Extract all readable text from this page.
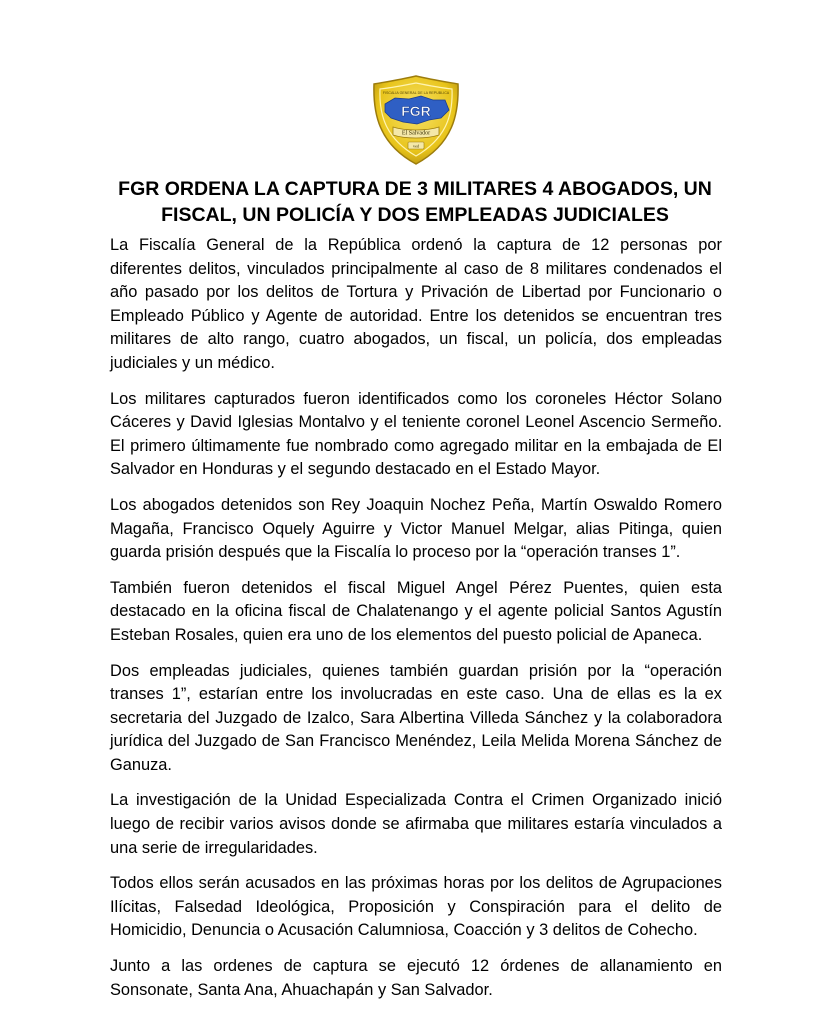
FISCALIA GENERAL DE LA REPUBLICA
FGR
El Salvador
ved
FGR ORDENA LA CAPTURA DE 3 MILITARES 4 ABOGADOS, UN FISCAL, UN POLICÍA Y DOS EMPLEADAS JUDICIALES

La Fiscalía General de la República ordenó la captura de 12 personas por diferentes delitos, vinculados principalmente al caso de 8 militares condenados el año pasado por los delitos de Tortura y Privación de Libertad por Funcionario o Empleado Público y Agente de autoridad. Entre los detenidos se encuentran tres militares de alto rango, cuatro abogados, un fiscal, un policía, dos empleadas judiciales y un médico.

Los militares capturados fueron identificados como los coroneles Héctor Solano Cáceres y David Iglesias Montalvo y el teniente coronel Leonel Ascencio Sermeño. El primero últimamente fue nombrado como agregado militar en la embajada de El Salvador en Honduras y el segundo destacado en el Estado Mayor.

Los abogados detenidos son Rey Joaquin Nochez Peña, Martín Oswaldo Romero Magaña, Francisco Oquely Aguirre y Victor Manuel Melgar, alias Pitinga, quien guarda prisión después que la Fiscalía lo proceso por la “operación transes 1”.

También fueron detenidos el fiscal Miguel Angel Pérez Puentes, quien esta destacado en la oficina fiscal de Chalatenango y el agente policial Santos Agustín Esteban Rosales, quien era uno de los elementos del puesto policial de Apaneca.

Dos empleadas judiciales, quienes también guardan prisión por la “operación transes 1”, estarían entre los involucradas en este caso. Una de ellas es la ex secretaria del Juzgado de Izalco, Sara Albertina Villeda Sánchez y la colaboradora jurídica del Juzgado de San Francisco Menéndez, Leila Melida Morena Sánchez de Ganuza.

La investigación de la Unidad Especializada Contra el Crimen Organizado inició luego de recibir varios avisos donde se afirmaba que militares estaría vinculados a una serie de irregularidades.

Todos ellos serán acusados en las próximas horas por los delitos de Agrupaciones Ilícitas, Falsedad Ideológica, Proposición y Conspiración para el delito de Homicidio, Denuncia o Acusación Calumniosa, Coacción y 3 delitos de Cohecho.

Junto a las ordenes de captura se ejecutó 12 órdenes de allanamiento en Sonsonate, Santa Ana, Ahuachapán y San Salvador.
